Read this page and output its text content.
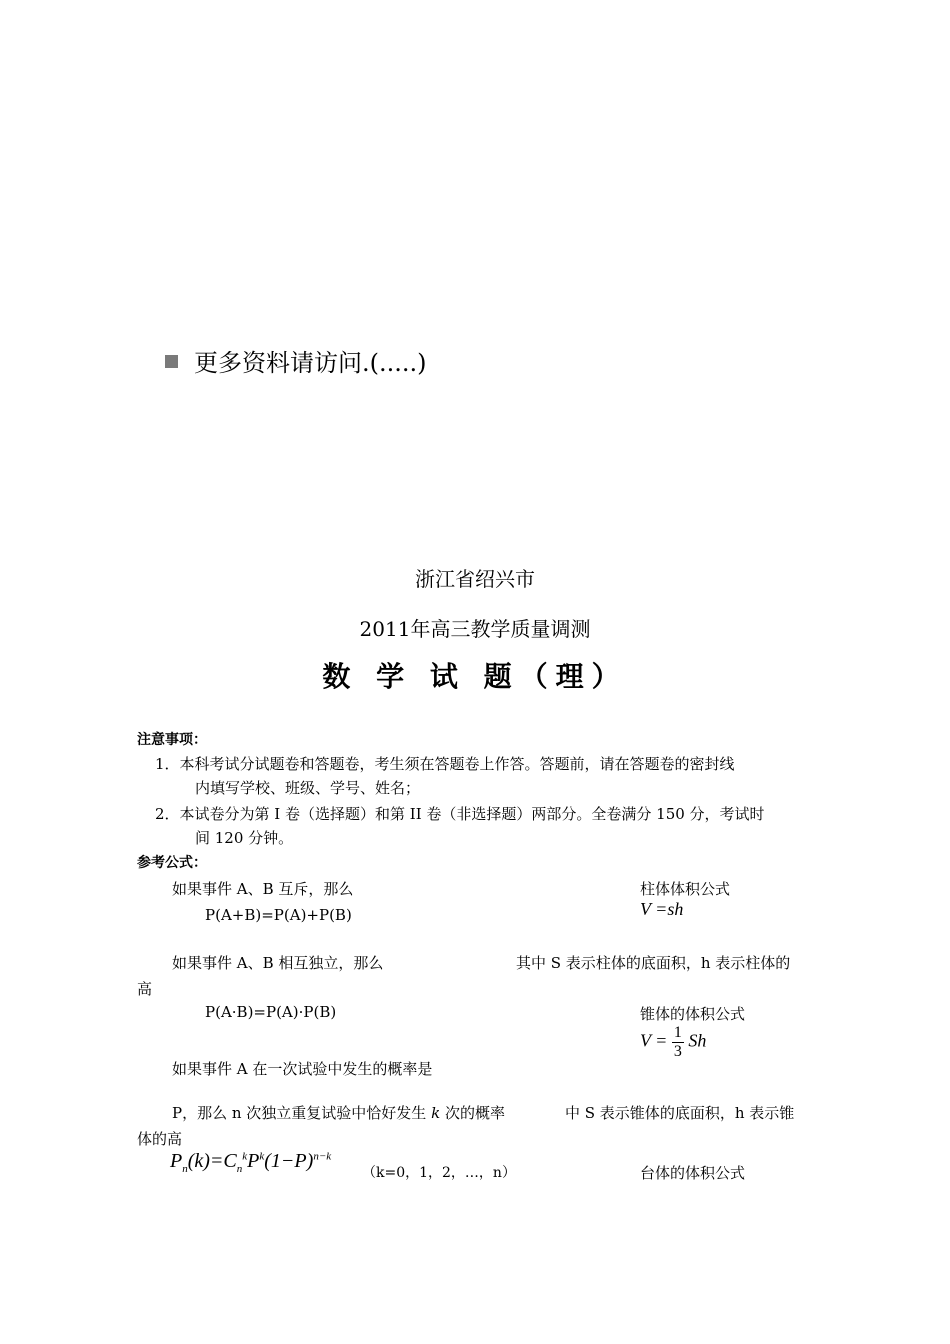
更多资料请访问.(.....)
浙江省绍兴市
2011年高三教学质量调测
数 学 试 题（理）
注意事项：
1．本科考试分试题卷和答题卷，考生须在答题卷上作答。答题前，请在答题卷的密封线
内填写学校、班级、学号、姓名；
2．本试卷分为第 I 卷（选择题）和第 II 卷（非选择题）两部分。全卷满分 150 分，考试时
间 120 分钟。
参考公式：
如果事件 A、B 互斥，那么	柱体体积公式
P(A+B)=P(A)+P(B)	V =sh
如果事件 A、B 相互独立，那么	其中 S 表示柱体的底面积，h 表示柱体的
高
P(A·B)=P(A)·P(B)	锥体的体积公式
$V = \frac{1}{3}$ Sh
如果事件 A 在一次试验中发生的概率是
P，那么 n 次独立重复试验中恰好发生 k 次的概率	中 S 表示锥体的底面积，h 表示锥
体的高
$P_n(k)=C_n^kP^k(1-P)^{n-k}$
（k=0，1，2，…，n）	台体的体积公式
